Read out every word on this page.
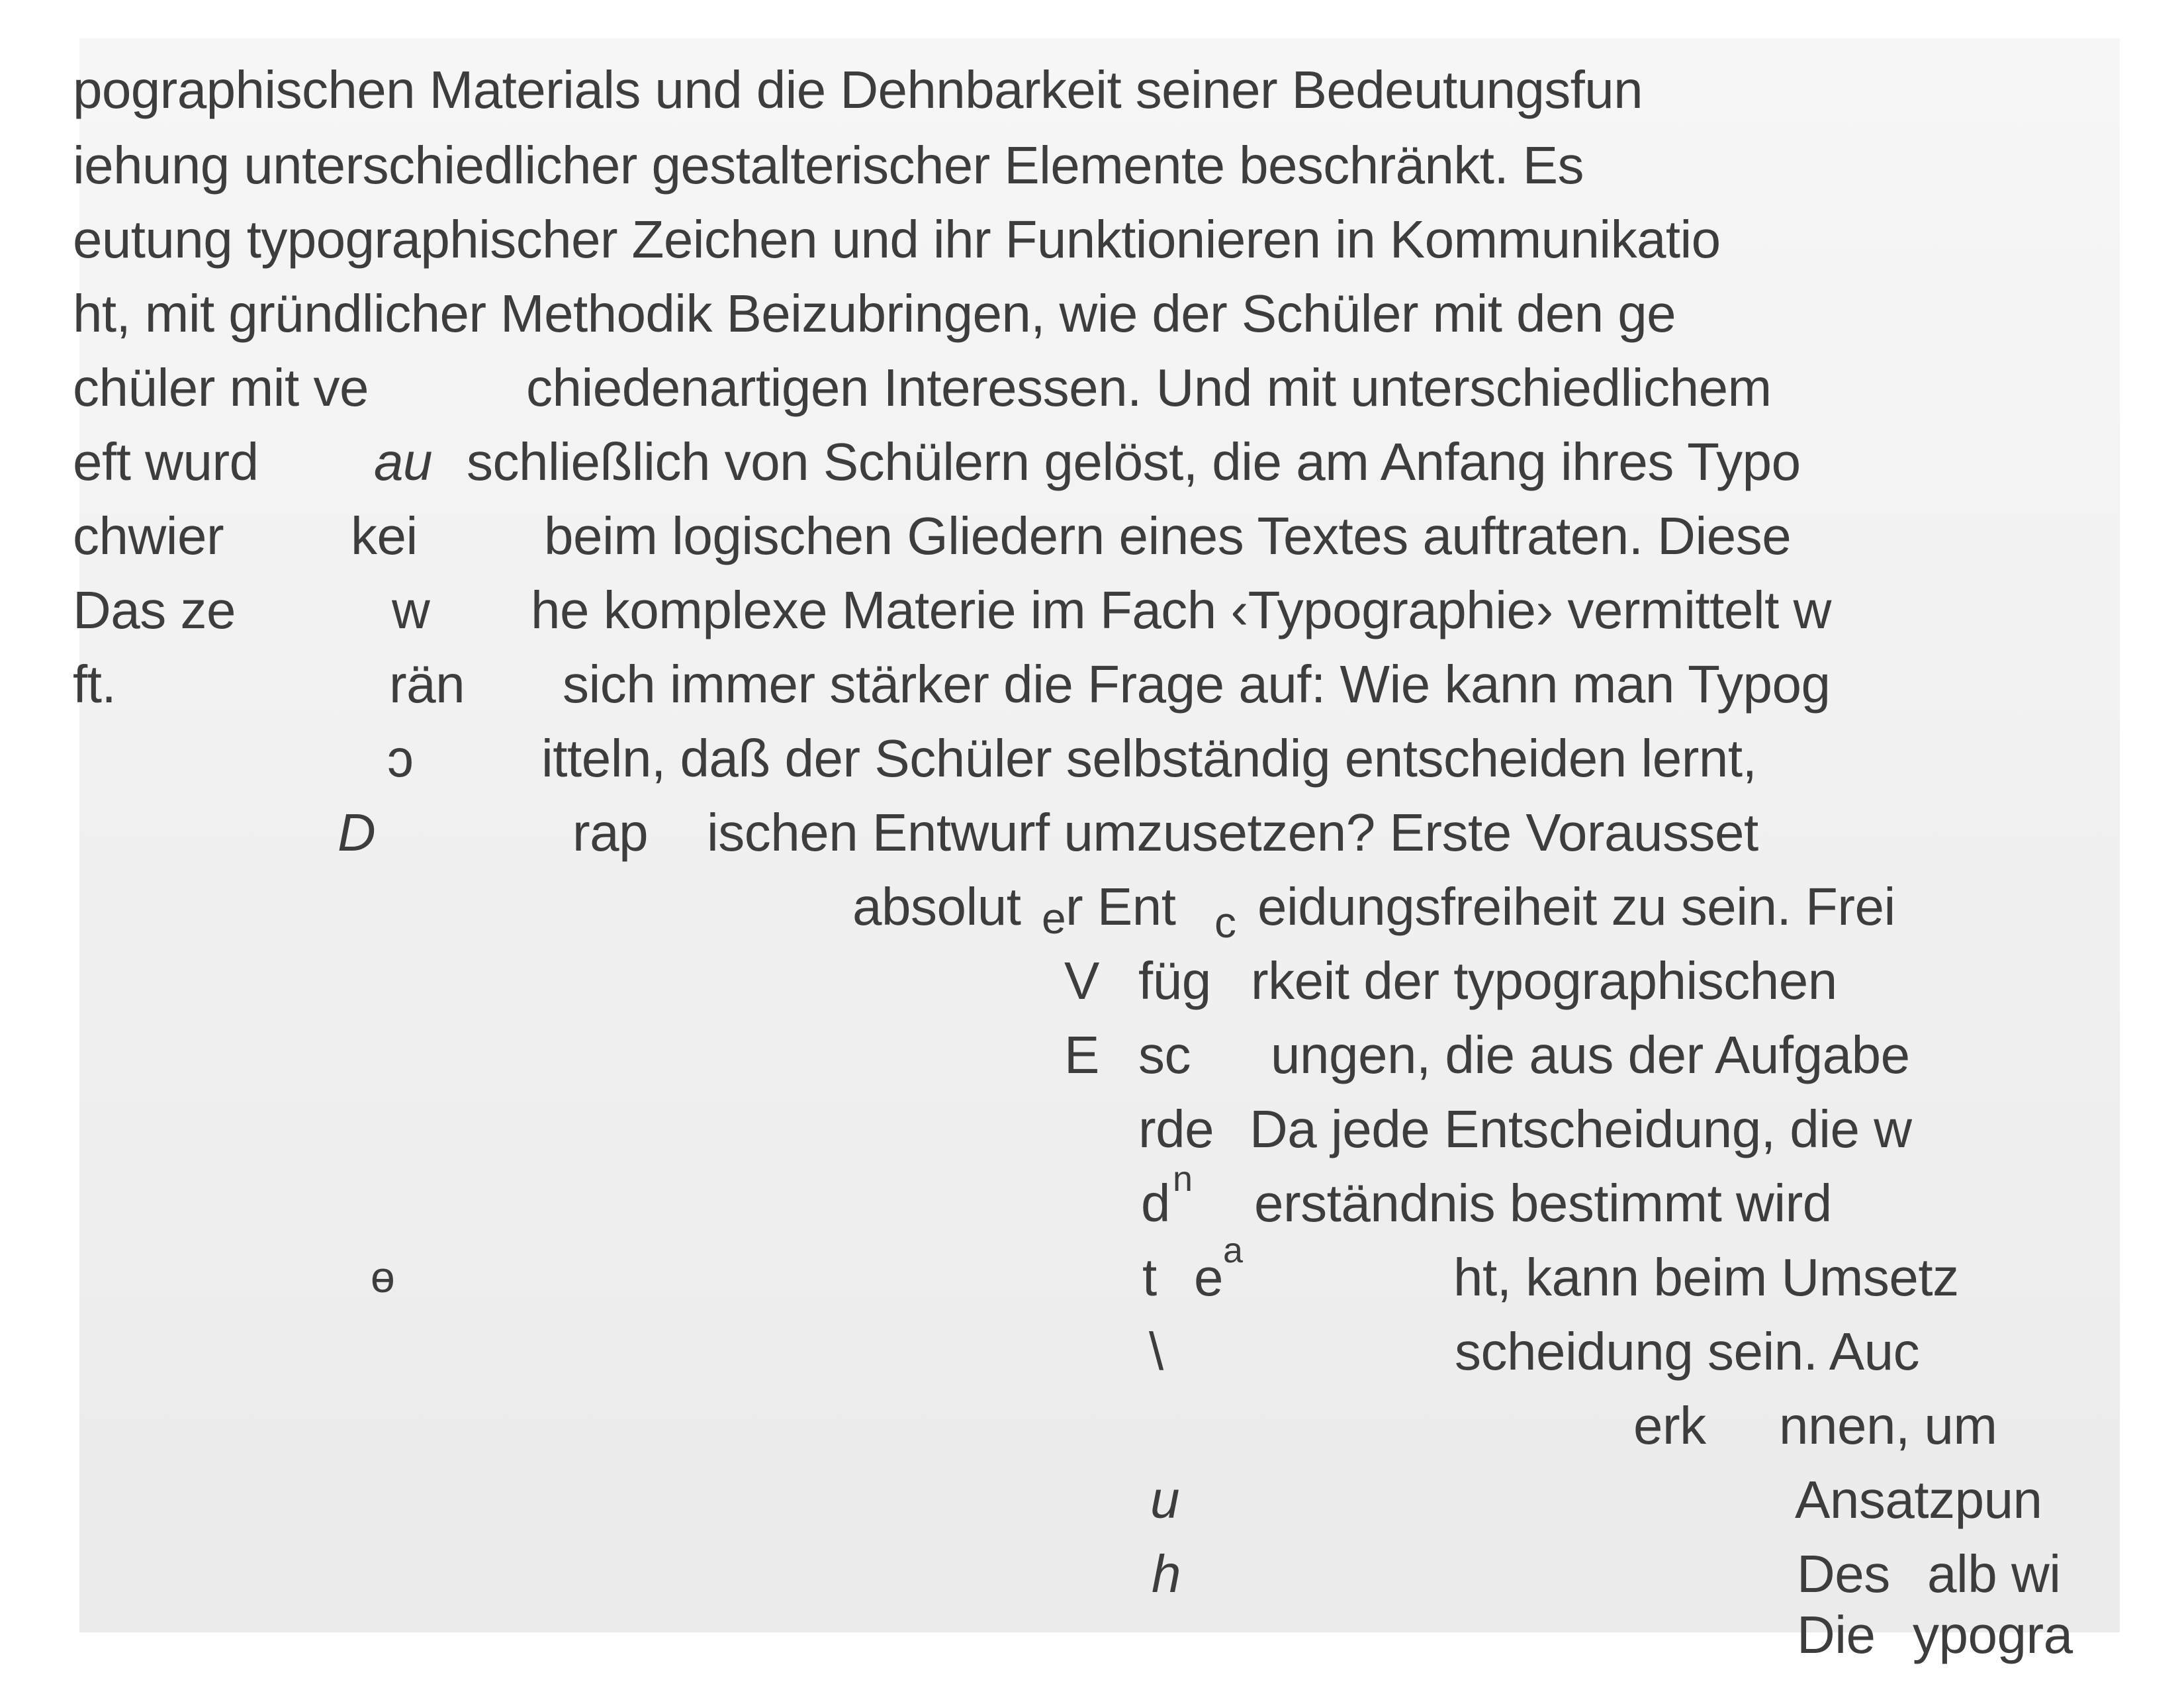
pographischen Materials und die Dehnbarkeit seiner Bedeutungsfun
iehung unterschiedlicher gestalterischer Elemente beschränkt. Es
eutung typographischer Zeichen und ihr Funktionieren in Kommunikatio
ht, mit gründlicher Methodik Beizubringen, wie der Schüler mit den ge
chüler mit ve	chiedenartigen Interessen. Und mit unterschiedlichem
eft wurd au schließlich von Schülern gelöst, die am Anfang ihres Typo
chwier kei beim logischen Gliedern eines Textes auftraten. Diese
Das ze	w he komplexe Materie im Fach ‹Typographie› vermittelt w
ft.	rän sich immer stärker die Frage auf: Wie kann man Typog
ɔ itteln, daß der Schüler selbständig entscheiden lernt,
D	rap ischen Entwurf umzusetzen? Erste Vorausset
absolut e r Ent c eidungsfreiheit zu sein. Frei
V füg rkeit der typographischen
E sc ungen, die aus der Aufgabe
rde Da jede Entscheidung, die w
d n erständnis bestimmt wird
ɵ	t e a	ht, kann beim Umsetz
\	scheidung sein. Auc
erk nnen, um
u	Ansatzpun
h	Des alb wi
Die ypogra
